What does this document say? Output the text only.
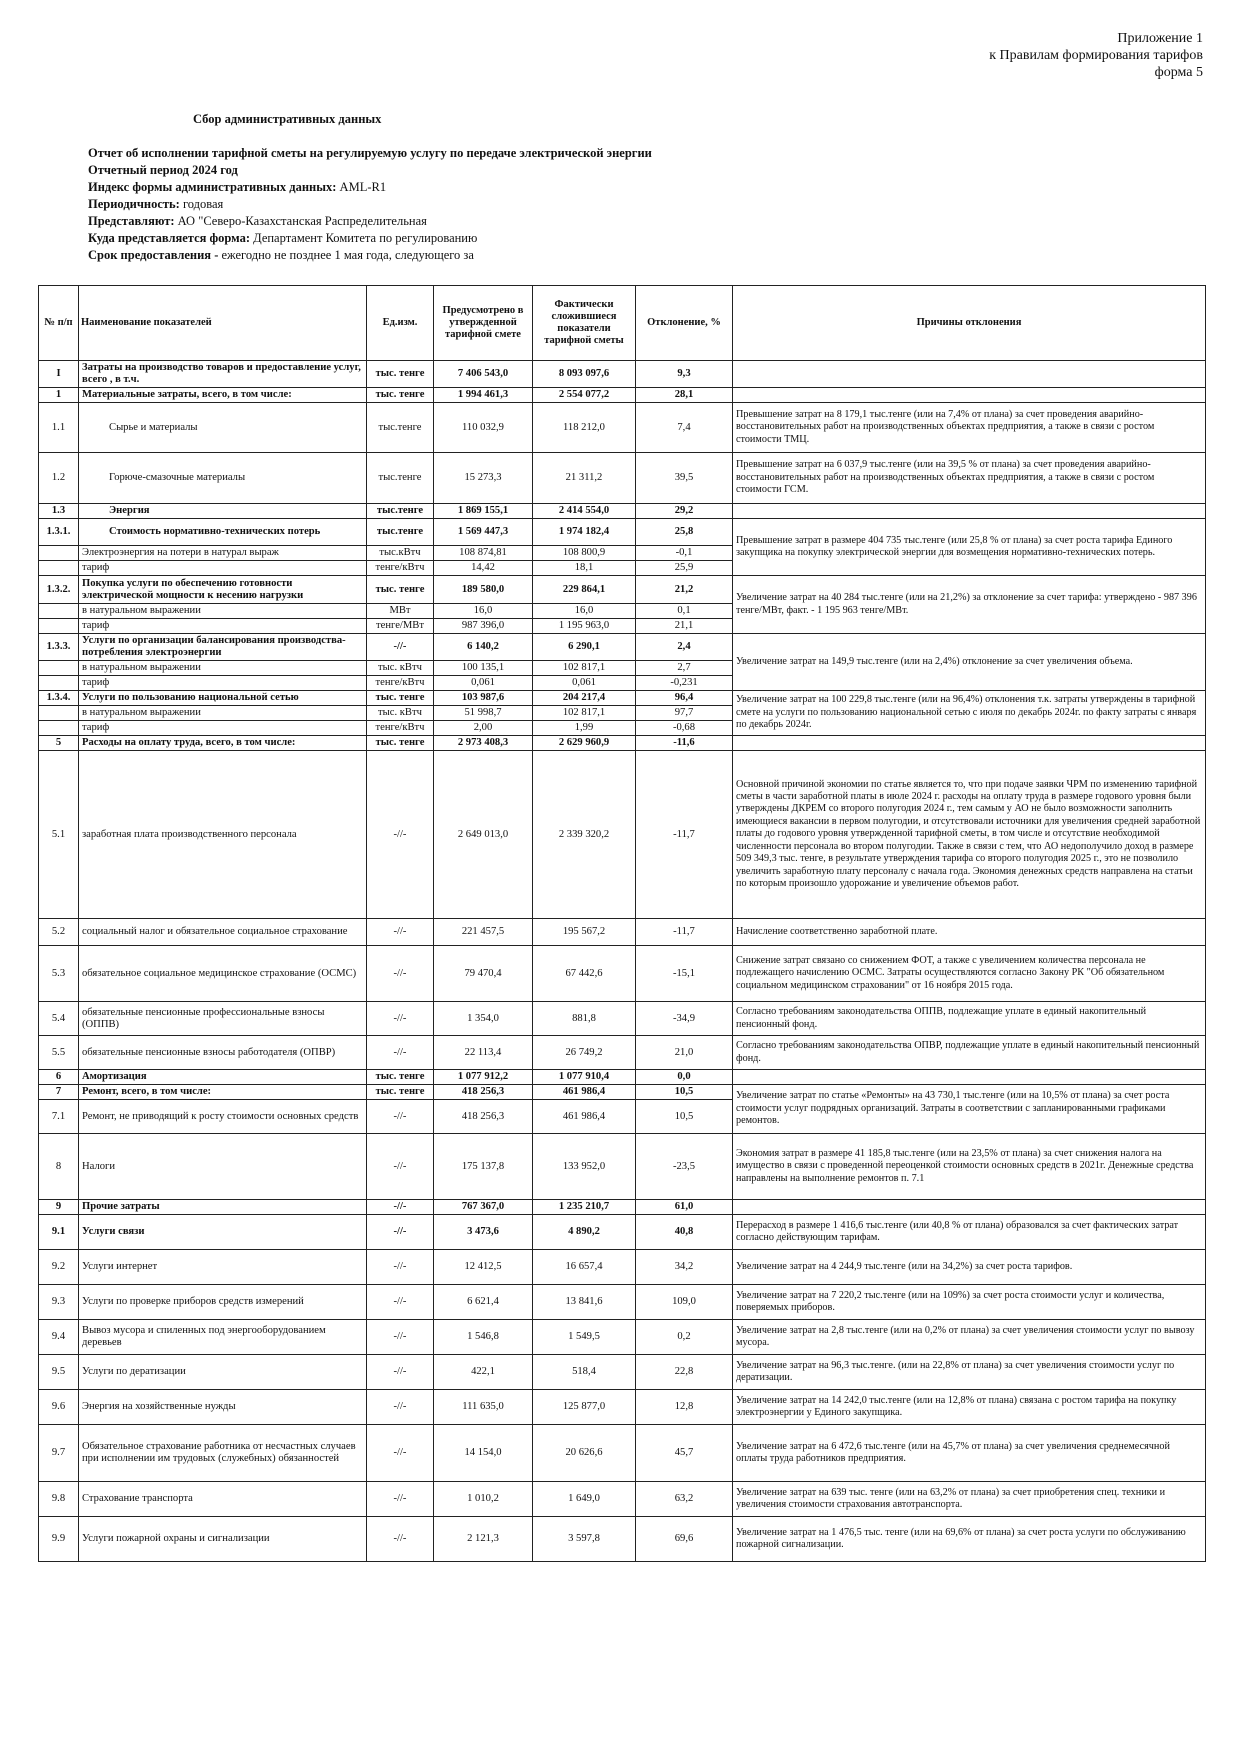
Приложение 1
к Правилам формирования тарифов
форма 5
Сбор административных данных
Отчет об исполнении тарифной сметы на регулируемую услугу по передаче электрической энергии
Отчетный период 2024 год
Индекс формы административных данных: AML-R1
Периодичность: годовая
Представляют: АО "Северо-Казахстанская Распределительная
Куда представляется форма: Департамент Комитета по регулированию
Срок предоставления - ежегодно не позднее 1 мая года, следующего за
№ п/п	Наименование показателей	Ед.изм.	Предусмотрено в утвержденной тарифной смете	Фактически сложившиеся показатели тарифной сметы	Отклонение, %	Причины отклонения
I	Затраты на производство товаров и предоставление услуг, всего , в т.ч.	тыс. тенге	7 406 543,0	8 093 097,6	9,3	
1	Материальные затраты, всего, в том числе:	тыс. тенге	1 994 461,3	2 554 077,2	28,1	
1.1	Сырье и материалы	тыс.тенге	110 032,9	118 212,0	7,4	Превышение затрат на 8 179,1 тыс.тенге (или на 7,4% от плана) за счет проведения аварийно-восстановительных работ на производственных объектах предприятия, а также в связи с ростом стоимости ТМЦ.
1.2	Горюче-смазочные материалы	тыс.тенге	15 273,3	21 311,2	39,5	Превышение затрат на 6 037,9 тыс.тенге (или на 39,5 % от плана) за счет проведения аварийно-восстановительных работ на производственных объектах предприятия, а также в связи с ростом стоимости ГСМ.
1.3	Энергия	тыс.тенге	1 869 155,1	2 414 554,0	29,2	
1.3.1.	Стоимость нормативно-технических потерь	тыс.тенге	1 569 447,3	1 974 182,4	25,8	Превышение затрат в размере 404 735 тыс.тенге (или 25,8 % от плана) за счет роста тарифа Единого закупщика на покупку электрической энергии для возмещения нормативно-технических потерь.
	Электроэнергия на потери в натурал выраж	тыс.кВтч	108 874,81	108 800,9	-0,1	
	тариф	тенге/кВтч	14,42	18,1	25,9	
1.3.2.	Покупка услуги по обеспечению готовности электрической мощности к несению нагрузки	тыс. тенге	189 580,0	229 864,1	21,2	Увеличение затрат на 40 284 тыс.тенге (или на 21,2%) за отклонение за счет тарифа: утверждено - 987 396 тенге/МВт, факт. - 1 195 963 тенге/МВт.
	в натуральном выражении	МВт	16,0	16,0	0,1	
	тариф	тенге/МВт	987 396,0	1 195 963,0	21,1	
1.3.3.	Услуги по организации балансирования производства-потребления электроэнергии	-//-	6 140,2	6 290,1	2,4	Увеличение затрат на 149,9 тыс.тенге (или на 2,4%) отклонение за счет увеличения объема.
	в натуральном выражении	тыс. кВтч	100 135,1	102 817,1	2,7	
	тариф	тенге/кВтч	0,061	0,061	-0,231	
1.3.4.	Услуги по пользованию национальной сетью	тыс. тенге	103 987,6	204 217,4	96,4	Увеличение затрат на 100 229,8 тыс.тенге (или на 96,4%) отклонения т.к. затраты утверждены в тарифной смете на услуги по пользованию национальной сетью с июля по декабрь 2024г. по факту затраты с января по декабрь 2024г.
	в натуральном выражении	тыс. кВтч	51 998,7	102 817,1	97,7	
	тариф	тенге/кВтч	2,00	1,99	-0,68	
5	Расходы на оплату труда, всего, в том числе:	тыс. тенге	2 973 408,3	2 629 960,9	-11,6	
5.1	заработная плата производственного персонала	-//-	2 649 013,0	2 339 320,2	-11,7	Основной причиной экономии по статье является то, что при подаче заявки ЧРМ по изменению тарифной сметы в части заработной платы в июле 2024 г. расходы на оплату труда в размере годового уровня были утверждены ДКРЕМ со второго полугодия 2024 г., тем самым у АО не было возможности заполнить имеющиеся вакансии в первом полугодии, и отсутствовали источники для увеличения средней заработной платы до годового уровня утвержденной тарифной сметы, в том числе и отсутствие необходимой численности персонала во втором полугодии. Также в связи с тем, что АО недополучило доход в размере 509 349,3 тыс. тенге, в результате утверждения тарифа со второго полугодия 2025 г., это не позволило увеличить заработную плату персоналу с начала года. Экономия денежных средств направлена на статьи по которым произошло удорожание и увеличение объемов работ.
5.2	социальный налог и обязательное социальное страхование	-//-	221 457,5	195 567,2	-11,7	Начисление соответственно заработной плате.
5.3	обязательное социальное медицинское страхование (ОСМС)	-//-	79 470,4	67 442,6	-15,1	Снижение затрат связано со снижением ФОТ, а также с увеличением количества персонала не подлежащего начислению ОСМС. Затраты осуществляются согласно Закону РК "Об обязательном социальном медицинском страховании" от 16 ноября 2015 года.
5.4	обязательные пенсионные профессиональные взносы (ОППВ)	-//-	1 354,0	881,8	-34,9	Согласно требованиям законодательства ОППВ, подлежащие уплате в единый накопительный пенсионный фонд.
5.5	обязательные пенсионные взносы работодателя (ОПВР)	-//-	22 113,4	26 749,2	21,0	Согласно требованиям законодательства ОПВР, подлежащие уплате в единый накопительный пенсионный фонд.
6	Амортизация	тыс. тенге	1 077 912,2	1 077 910,4	0,0	
7	Ремонт, всего, в том числе:	тыс. тенге	418 256,3	461 986,4	10,5	Увеличение затрат по статье «Ремонты» на 43 730,1 тыс.тенге (или на 10,5% от плана) за счет роста стоимости услуг подрядных организаций. Затраты в соответствии с запланированными графиками ремонтов.
7.1	Ремонт, не приводящий к росту стоимости основных средств	-//-	418 256,3	461 986,4	10,5	
8	Налоги	-//-	175 137,8	133 952,0	-23,5	Экономия затрат в размере 41 185,8 тыс.тенге (или на 23,5% от плана) за счет снижения налога на имущество в связи с проведенной переоценкой стоимости основных средств в 2021г. Денежные средства направлены на выполнение ремонтов п. 7.1
9	Прочие затраты	-//-	767 367,0	1 235 210,7	61,0	
9.1	Услуги связи	-//-	3 473,6	4 890,2	40,8	Перерасход в размере 1 416,6 тыс.тенге (или 40,8 % от плана) образовался за счет фактических затрат согласно действующим тарифам.
9.2	Услуги интернет	-//-	12 412,5	16 657,4	34,2	Увеличение затрат на 4 244,9 тыс.тенге (или на 34,2%) за счет роста тарифов.
9.3	Услуги по проверке приборов средств измерений	-//-	6 621,4	13 841,6	109,0	Увеличение затрат на 7 220,2 тыс.тенге (или на 109%) за счет роста стоимости услуг и количества, поверяемых приборов.
9.4	Вывоз мусора и спиленных под энергооборудованием деревьев	-//-	1 546,8	1 549,5	0,2	Увеличение затрат на 2,8 тыс.тенге (или на 0,2% от плана) за счет увеличения стоимости услуг по вывозу мусора.
9.5	Услуги по дератизации	-//-	422,1	518,4	22,8	Увеличение затрат на 96,3 тыс.тенге. (или на 22,8% от плана) за счет увеличения стоимости услуг по дератизации.
9.6	Энергия на хозяйственные нужды	-//-	111 635,0	125 877,0	12,8	Увеличение затрат на 14 242,0 тыс.тенге (или на 12,8% от плана) связана с ростом тарифа на покупку электроэнергии у Единого закупщика.
9.7	Обязательное страхование работника от несчастных случаев при исполнении им трудовых (служебных) обязанностей	-//-	14 154,0	20 626,6	45,7	Увеличение затрат на 6 472,6 тыс.тенге (или на 45,7% от плана) за счет увеличения среднемесячной оплаты труда работников предприятия.
9.8	Страхование транспорта	-//-	1 010,2	1 649,0	63,2	Увеличение затрат на 639 тыс. тенге (или на 63,2% от плана) за счет приобретения спец. техники и увеличения стоимости страхования автотранспорта.
9.9	Услуги пожарной охраны и сигнализации	-//-	2 121,3	3 597,8	69,6	Увеличение затрат на 1 476,5 тыс. тенге (или на 69,6% от плана) за счет роста услуги по обслуживанию пожарной сигнализации.
